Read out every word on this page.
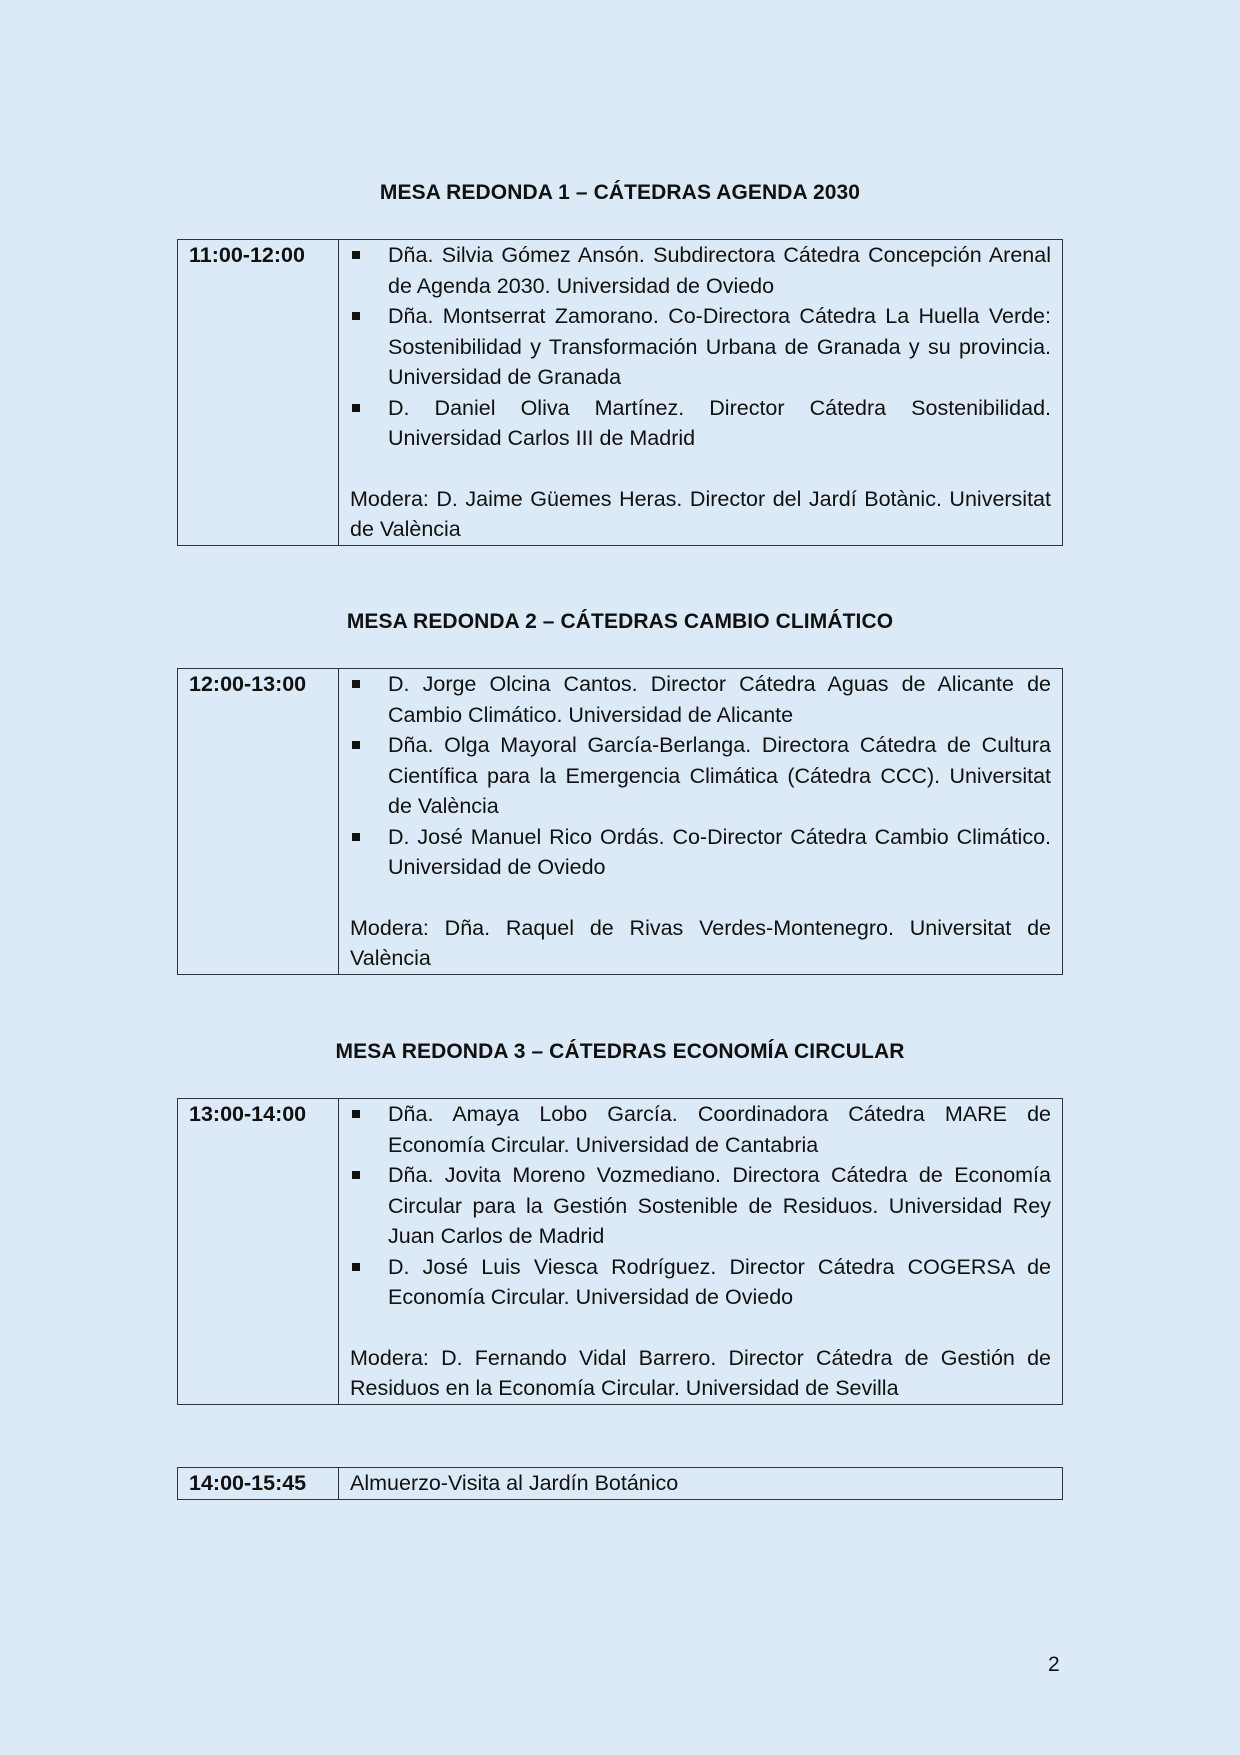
MESA REDONDA 1 – CÁTEDRAS AGENDA 2030
11:00-12:00	Dña. Silvia Gómez Ansón. Subdirectora Cátedra Concepción Arenal de Agenda 2030. Universidad de Oviedo
Dña. Montserrat Zamorano. Co-Directora Cátedra La Huella Verde: Sostenibilidad y Transformación Urbana de Granada y su provincia. Universidad de Granada
D. Daniel Oliva Martínez. Director Cátedra Sostenibilidad. Universidad Carlos III de Madrid
Modera: D. Jaime Güemes Heras. Director del Jardí Botànic. Universitat de València
MESA REDONDA 2 – CÁTEDRAS CAMBIO CLIMÁTICO
12:00-13:00	D. Jorge Olcina Cantos. Director Cátedra Aguas de Alicante de Cambio Climático. Universidad de Alicante
Dña. Olga Mayoral García-Berlanga. Directora Cátedra de Cultura Científica para la Emergencia Climática (Cátedra CCC). Universitat de València
D. José Manuel Rico Ordás. Co-Director Cátedra Cambio Climático. Universidad de Oviedo
Modera: Dña. Raquel de Rivas Verdes-Montenegro. Universitat de València
MESA REDONDA 3 – CÁTEDRAS ECONOMÍA CIRCULAR
13:00-14:00	Dña. Amaya Lobo García. Coordinadora Cátedra MARE de Economía Circular. Universidad de Cantabria
Dña. Jovita Moreno Vozmediano. Directora Cátedra de Economía Circular para la Gestión Sostenible de Residuos. Universidad Rey Juan Carlos de Madrid
D. José Luis Viesca Rodríguez. Director Cátedra COGERSA de Economía Circular. Universidad de Oviedo
Modera: D. Fernando Vidal Barrero. Director Cátedra de Gestión de Residuos en la Economía Circular. Universidad de Sevilla
14:00-15:45	Almuerzo-Visita al Jardín Botánico
2
